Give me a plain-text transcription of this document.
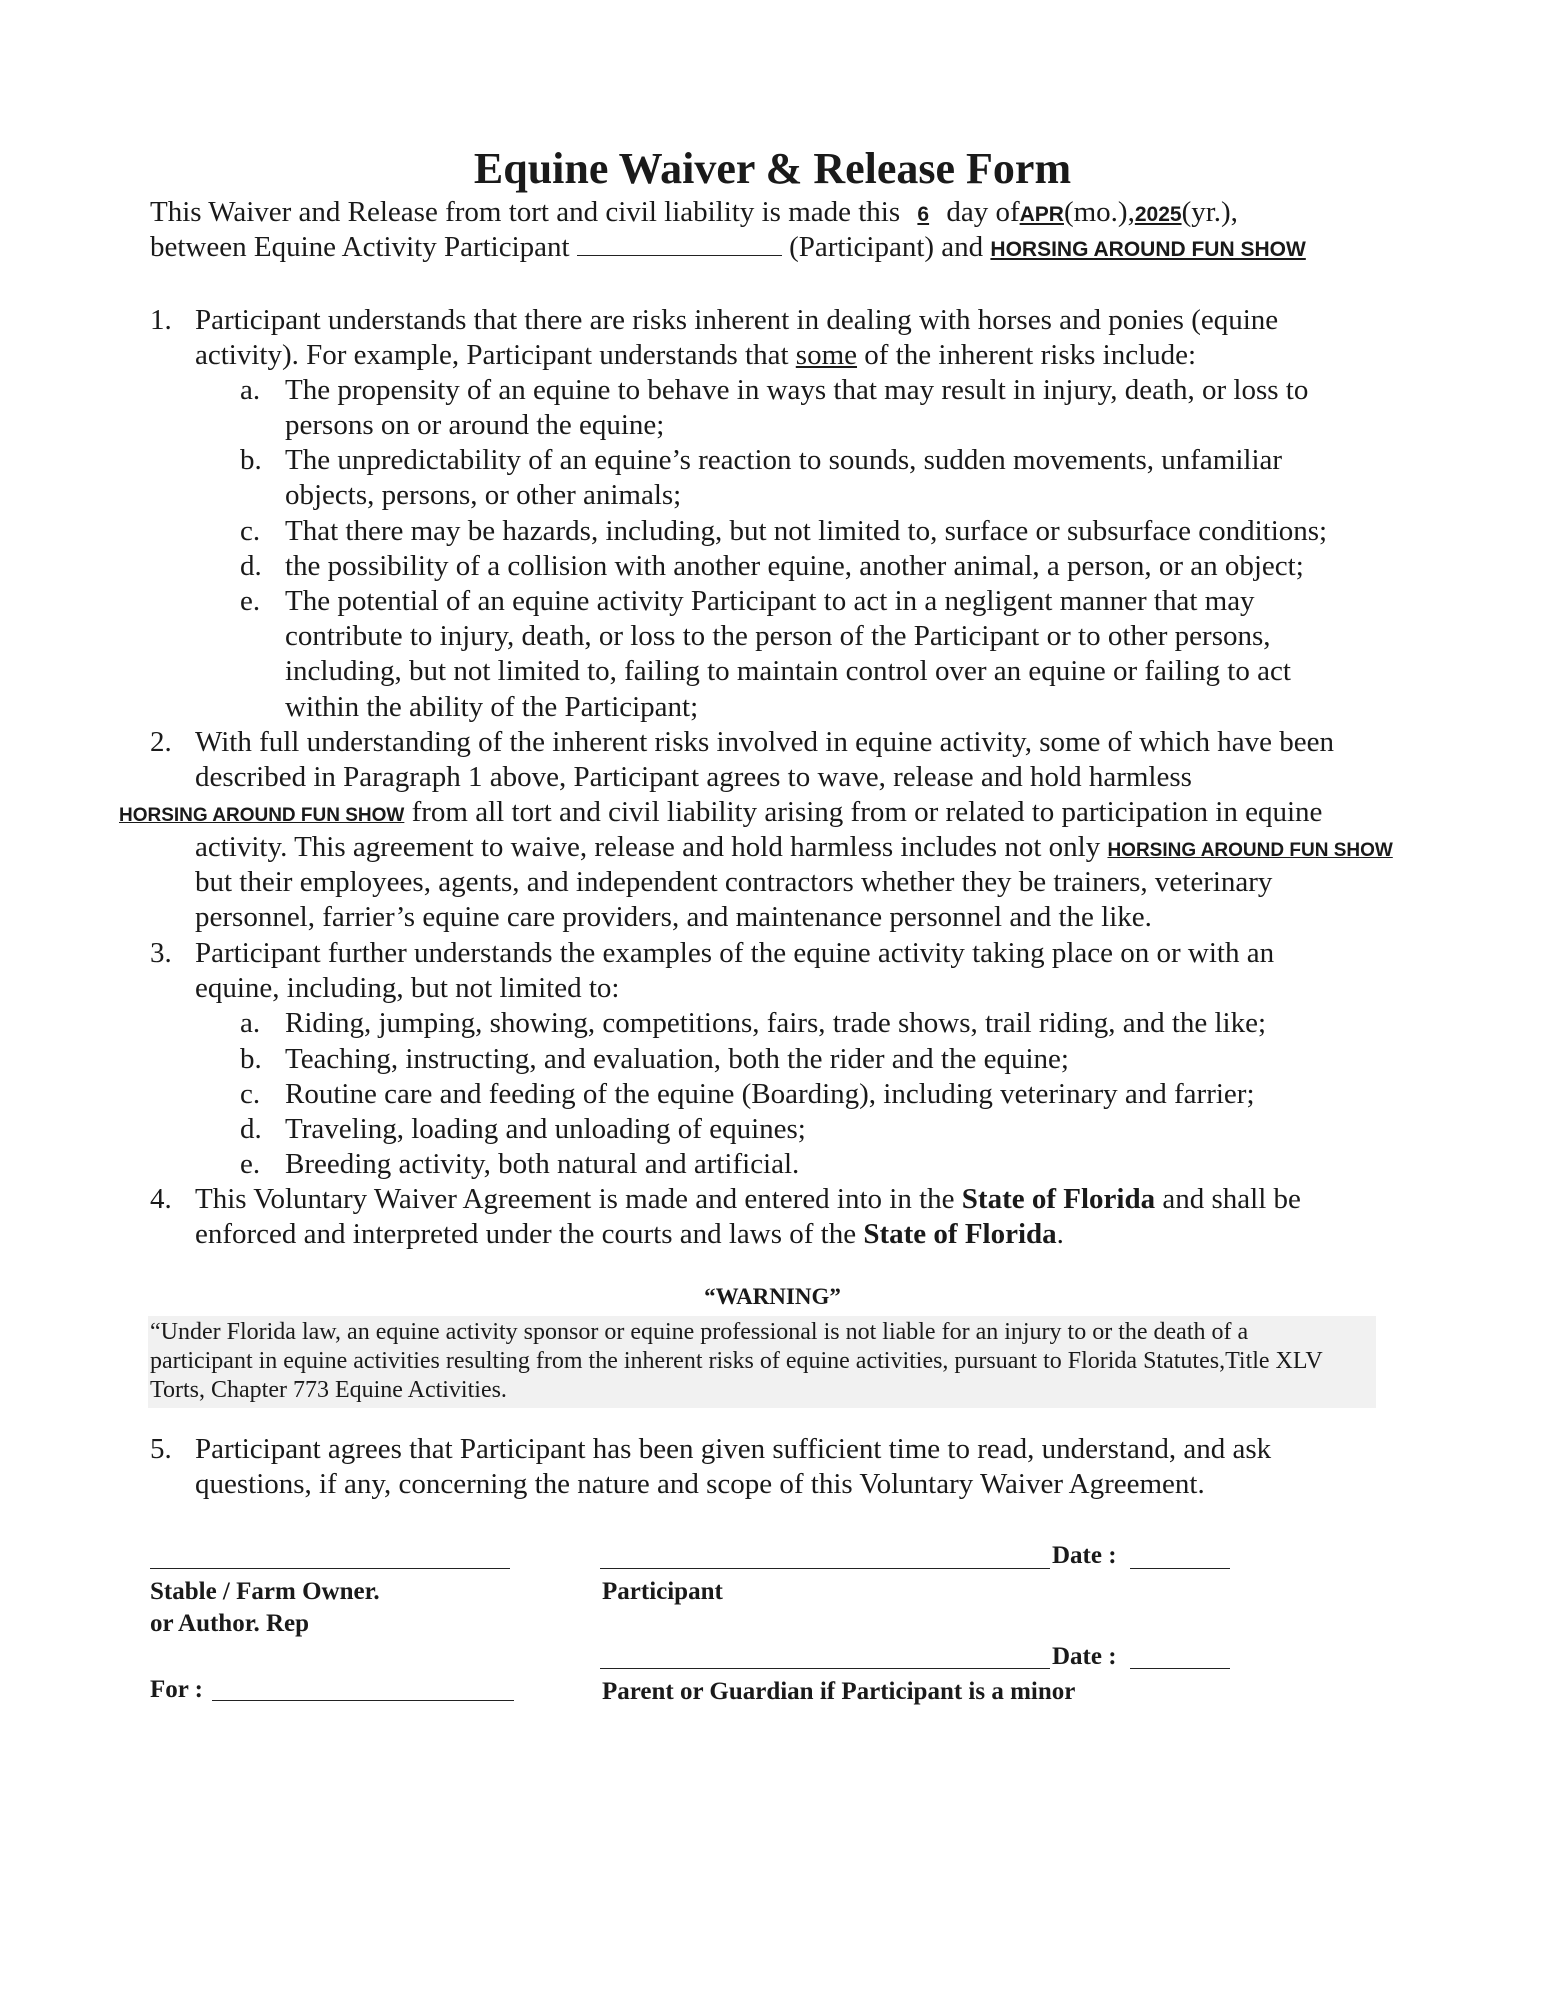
Equine Waiver & Release Form
This Waiver and Release from tort and civil liability is made this 6 day ofAPR(mo.),2025(yr.),
between Equine Activity Participant	(Participant) and HORSING AROUND FUN SHOW
1. Participant understands that there are risks inherent in dealing with horses and ponies (equine
activity). For example, Participant understands that some of the inherent risks include:
a. The propensity of an equine to behave in ways that may result in injury, death, or loss to
persons on or around the equine;
b. The unpredictability of an equine’s reaction to sounds, sudden movements, unfamiliar
objects, persons, or other animals;
c. That there may be hazards, including, but not limited to, surface or subsurface conditions;
d. the possibility of a collision with another equine, another animal, a person, or an object;
e. The potential of an equine activity Participant to act in a negligent manner that may
contribute to injury, death, or loss to the person of the Participant or to other persons,
including, but not limited to, failing to maintain control over an equine or failing to act
within the ability of the Participant;
2. With full understanding of the inherent risks involved in equine activity, some of which have been
described in Paragraph 1 above, Participant agrees to wave, release and hold harmless
HORSING AROUND FUN SHOW from all tort and civil liability arising from or related to participation in equine
activity. This agreement to waive, release and hold harmless includes not only HORSING AROUND FUN SHOW
but their employees, agents, and independent contractors whether they be trainers, veterinary
personnel, farrier’s equine care providers, and maintenance personnel and the like.
3. Participant further understands the examples of the equine activity taking place on or with an
equine, including, but not limited to:
a. Riding, jumping, showing, competitions, fairs, trade shows, trail riding, and the like;
b. Teaching, instructing, and evaluation, both the rider and the equine;
c. Routine care and feeding of the equine (Boarding), including veterinary and farrier;
d. Traveling, loading and unloading of equines;
e. Breeding activity, both natural and artificial.
4. This Voluntary Waiver Agreement is made and entered into in the State of Florida and shall be
enforced and interpreted under the courts and laws of the State of Florida.
“WARNING”
“Under Florida law, an equine activity sponsor or equine professional is not liable for an injury to or the death of a
participant in equine activities resulting from the inherent risks of equine activities, pursuant to Florida Statutes,Title XLV
Torts, Chapter 773 Equine Activities.
5. Participant agrees that Participant has been given sufficient time to read, understand, and ask
questions, if any, concerning the nature and scope of this Voluntary Waiver Agreement.
Stable / Farm Owner.
or Author. Rep
For :
Date :
Participant
Date :
Parent or Guardian if Participant is a minor
